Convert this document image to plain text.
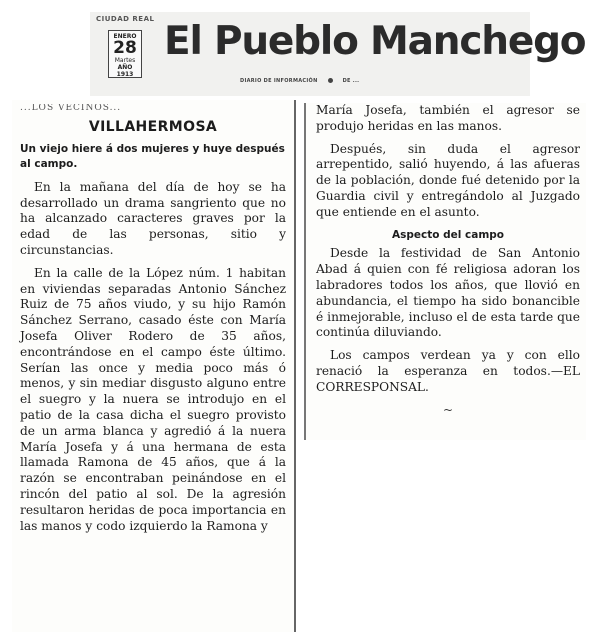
CIUDAD REAL
ENERO
28
Martes
AÑO 1913
El Pueblo Manchego
DIARIO DE INFORMACIÓN	DE ...
...LOS VECINOS...
VILLAHERMOSA
Un viejo hiere á dos mujeres y huye después al campo.

En la mañana del día de hoy se ha desarrollado un drama sangriento que no ha alcanzado caracteres graves por la edad de las personas, sitio y circunstancias.

En la calle de la López núm. 1 habitan en viviendas separadas Antonio Sánchez Ruiz de 75 años viudo, y su hijo Ramón Sánchez Serrano, casado éste con María Josefa Oliver Rodero de 35 años, encontrándose en el campo éste último. Serían las once y media poco más ó menos, y sin mediar disgusto alguno entre el suegro y la nuera se introdujo en el patio de la casa dicha el suegro provisto de un arma blanca y agredió á la nuera María Josefa y á una hermana de esta llamada Ramona de 45 años, que á la razón se encontraban peinándose en el rincón del patio al sol. De la agresión resultaron heridas de poca importancia en las manos y codo izquierdo la Ramona y

María Josefa, también el agresor se produjo heridas en las manos.

Después, sin duda el agresor arrepentido, salió huyendo, á las afueras de la población, donde fué detenido por la Guardia civil y entregándolo al Juzgado que entiende en el asunto.

Aspecto del campo

Desde la festividad de San Antonio Abad á quien con fé religiosa adoran los labradores todos los años, que llovió en abundancia, el tiempo ha sido bonancible é inmejorable, incluso el de esta tarde que continúa diluviando.

Los campos verdean ya y con ello renació la esperanza en todos.—EL CORRESPONSAL.

~
